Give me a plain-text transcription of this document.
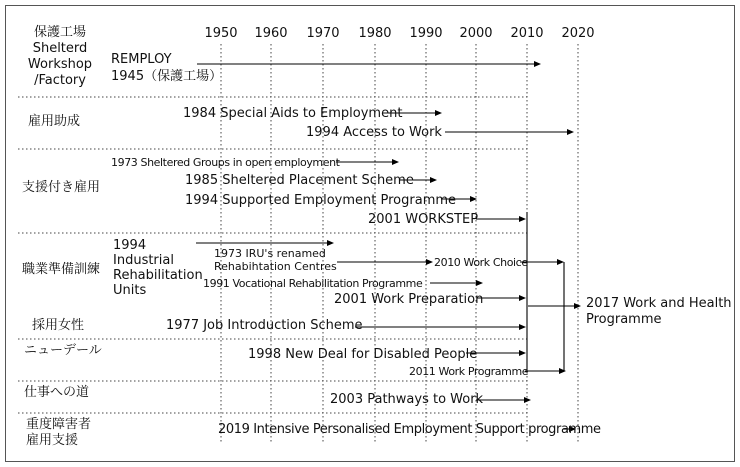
1950 1960 1970 1980 1990 2000 2010 2020
保護工場
Shelterd
Workshop
/Factory
雇用助成
支援付き雇用
職業準備訓練
採用女性
ニューデール
仕事への道
重度障害者
雇用支援
REMPLOY
1945（保護工場）
1984 Special Aids to Employment
1994 Access to Work
1973 Sheltered Groups in open employment
1985 Sheltered Placement Scheme
1994 Supported Employment Programme
2001 WORKSTEP
1994
Industrial
Rehabilitation
Units
1973 IRU's renamed
Rehabihtation Centres	2010 Work Choice
1991 Vocational Rehabilitation Programme
2001 Work Preparation
1977 Job Introduction Scheme
1998 New Deal for Disabled People
2011 Work Programme
2003 Pathways to Work
2019 Intensive Personalised Employment Support programme
2017 Work and Health
Programme
